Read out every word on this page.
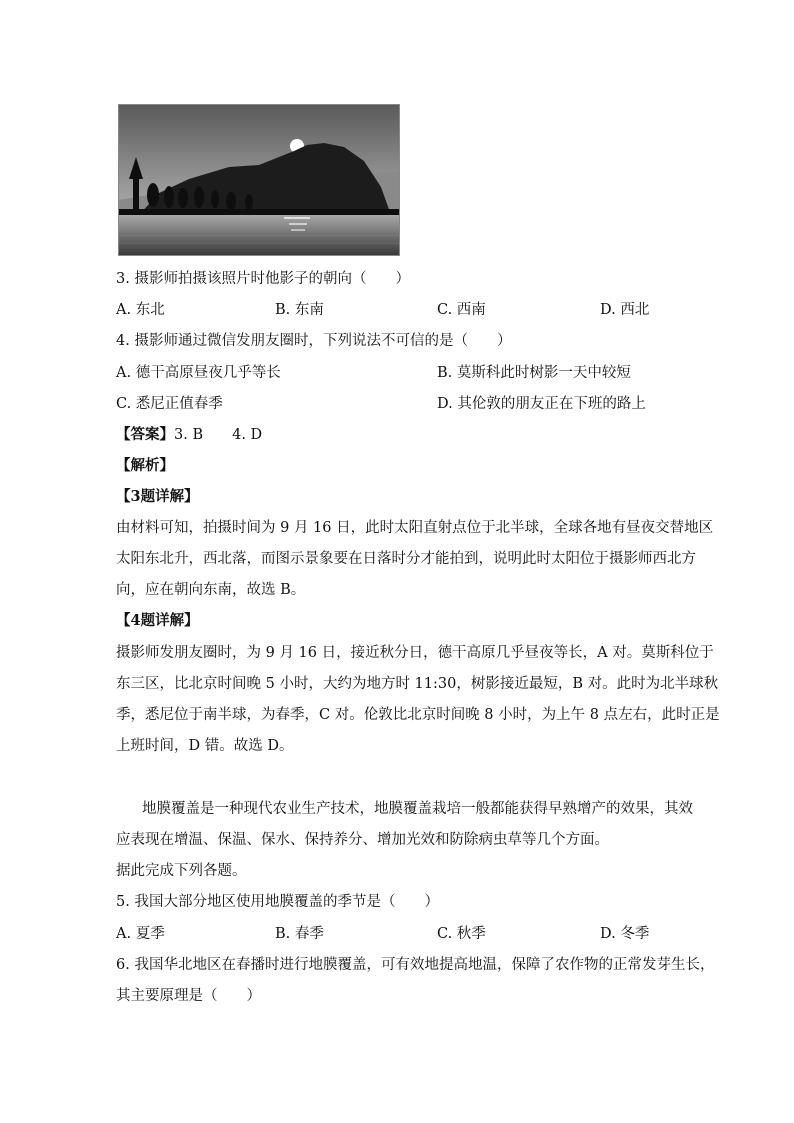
3. 摄影师拍摄该照片时他影子的朝向（　　）
A. 东北	B. 东南	C. 西南	D. 西北
4. 摄影师通过微信发朋友圈时，下列说法不可信的是（　　）
A. 德干高原昼夜几乎等长	B. 莫斯科此时树影一天中较短
C. 悉尼正值春季	D. 其伦敦的朋友正在下班的路上
【答案】3. B　　4. D
【解析】
【3题详解】
由材料可知，拍摄时间为 9 月 16 日，此时太阳直射点位于北半球，全球各地有昼夜交替地区
太阳东北升，西北落，而图示景象要在日落时分才能拍到，说明此时太阳位于摄影师西北方
向，应在朝向东南，故选 B。
【4题详解】
摄影师发朋友圈时，为 9 月 16 日，接近秋分日，德干高原几乎昼夜等长，A 对。莫斯科位于
东三区，比北京时间晚 5 小时，大约为地方时 11:30，树影接近最短，B 对。此时为北半球秋
季，悉尼位于南半球，为春季，C 对。伦敦比北京时间晚 8 小时，为上午 8 点左右，此时正是
上班时间，D 错。故选 D。
地膜覆盖是一种现代农业生产技术，地膜覆盖栽培一般都能获得早熟增产的效果，其效
应表现在增温、保温、保水、保持养分、增加光效和防除病虫草等几个方面。
据此完成下列各题。
5. 我国大部分地区使用地膜覆盖的季节是（　　）
A. 夏季	B. 春季	C. 秋季	D. 冬季
6. 我国华北地区在春播时进行地膜覆盖，可有效地提高地温，保障了农作物的正常发芽生长，
其主要原理是（　　）
